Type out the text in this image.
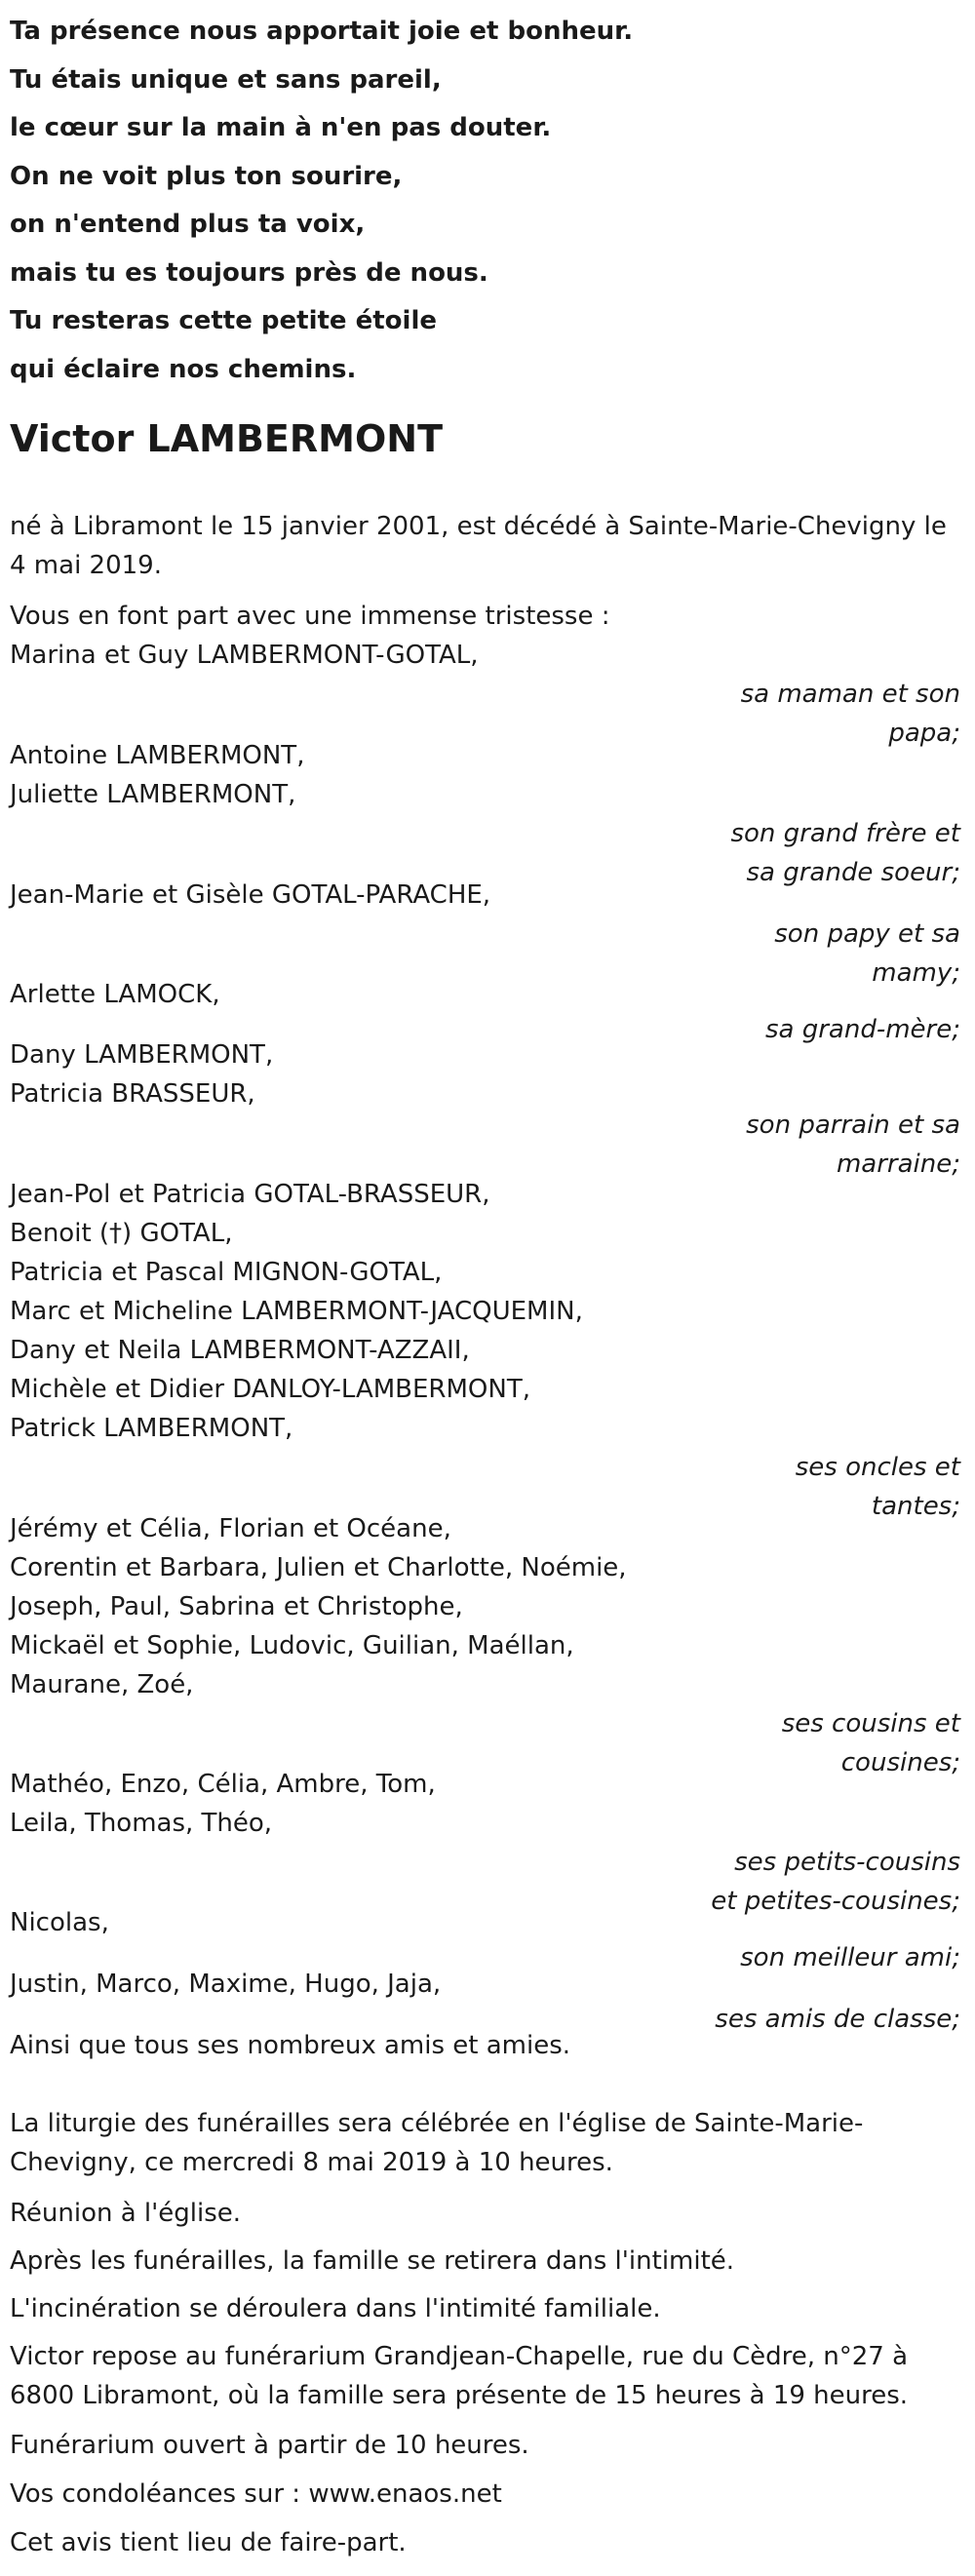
Ta présence nous apportait joie et bonheur.
Tu étais unique et sans pareil,
le cœur sur la main à n'en pas douter.
On ne voit plus ton sourire,
on n'entend plus ta voix,
mais tu es toujours près de nous.
Tu resteras cette petite étoile
qui éclaire nos chemins.
Victor LAMBERMONT
né à Libramont le 15 janvier 2001, est décédé à Sainte-Marie-Chevigny le
4 mai 2019.
Vous en font part avec une immense tristesse :
Marina et Guy LAMBERMONT-GOTAL,
sa maman et son
papa;
Antoine LAMBERMONT,
Juliette LAMBERMONT,
son grand frère et
sa grande soeur;
Jean-Marie et Gisèle GOTAL-PARACHE,
son papy et sa
mamy;
Arlette LAMOCK,
sa grand-mère;
Dany LAMBERMONT,
Patricia BRASSEUR,
son parrain et sa
marraine;
Jean-Pol et Patricia GOTAL-BRASSEUR,
Benoit (†) GOTAL,
Patricia et Pascal MIGNON-GOTAL,
Marc et Micheline LAMBERMONT-JACQUEMIN,
Dany et Neila LAMBERMONT-AZZAII,
Michèle et Didier DANLOY-LAMBERMONT,
Patrick LAMBERMONT,
ses oncles et
tantes;
Jérémy et Célia, Florian et Océane,
Corentin et Barbara, Julien et Charlotte, Noémie,
Joseph, Paul, Sabrina et Christophe,
Mickaël et Sophie, Ludovic, Guilian, Maéllan,
Maurane, Zoé,
ses cousins et
cousines;
Mathéo, Enzo, Célia, Ambre, Tom,
Leila, Thomas, Théo,
ses petits-cousins
et petites-cousines;
Nicolas,
son meilleur ami;
Justin, Marco, Maxime, Hugo, Jaja,
ses amis de classe;
Ainsi que tous ses nombreux amis et amies.
La liturgie des funérailles sera célébrée en l'église de Sainte-Marie-
Chevigny, ce mercredi 8 mai 2019 à 10 heures.
Réunion à l'église.
Après les funérailles, la famille se retirera dans l'intimité.
L'incinération se déroulera dans l'intimité familiale.
Victor repose au funérarium Grandjean-Chapelle, rue du Cèdre, n°27 à
6800 Libramont, où la famille sera présente de 15 heures à 19 heures.
Funérarium ouvert à partir de 10 heures.
Vos condoléances sur : www.enaos.net
Cet avis tient lieu de faire-part.
